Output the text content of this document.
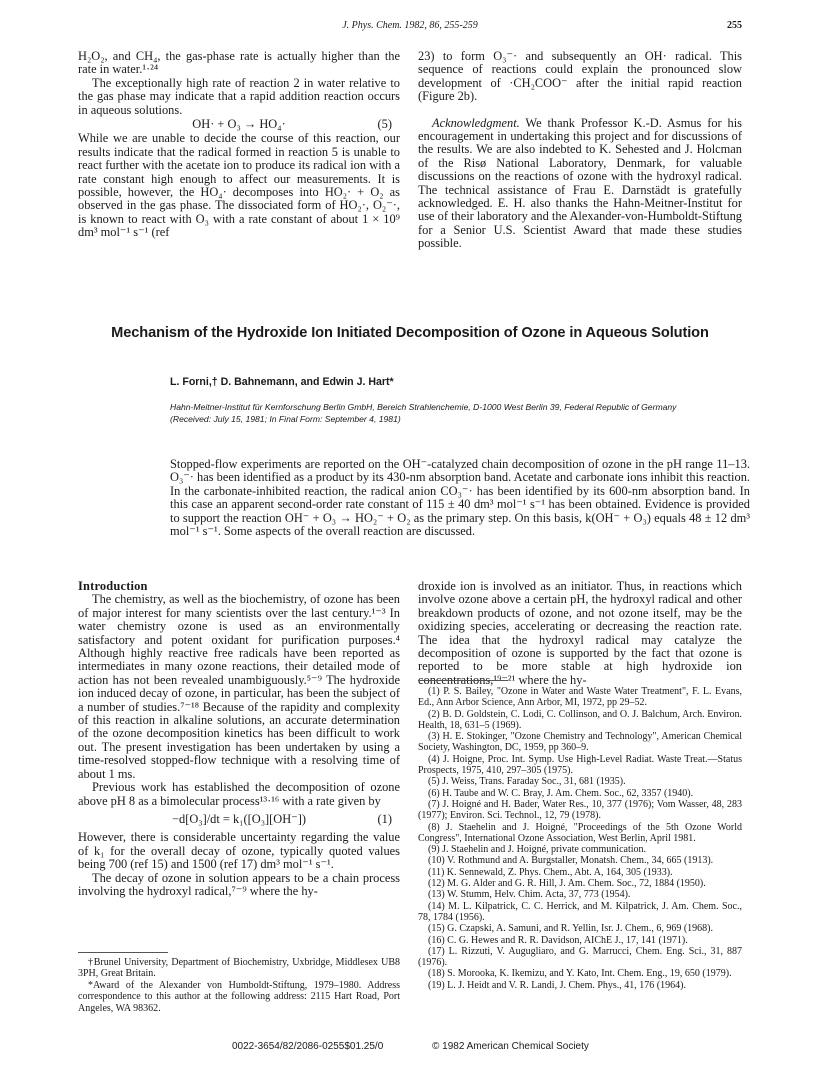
J. Phys. Chem. 1982, 86, 255-259	255

H₂O₂, and CH₄, the gas-phase rate is actually higher than the rate in water.¹·²⁴

The exceptionally high rate of reaction 2 in water relative to the gas phase may indicate that a rapid addition reaction occurs in aqueous solutions.

OH· + O₃ → HO₄·	(5)

While we are unable to decide the course of this reaction, our results indicate that the radical formed in reaction 5 is unable to react further with the acetate ion to produce its radical ion with a rate constant high enough to affect our measurements. It is possible, however, the HO₄· decomposes into HO₂· + O₂ as observed in the gas phase. The dissociated form of HO₂·, O₂⁻·, is known to react with O₃ with a rate constant of about 1 × 10⁹ dm³ mol⁻¹ s⁻¹ (ref

23) to form O₃⁻· and subsequently an OH· radical. This sequence of reactions could explain the pronounced slow development of ·CH₂COO⁻ after the initial rapid reaction (Figure 2b).

Acknowledgment. We thank Professor K.-D. Asmus for his encouragement in undertaking this project and for discussions of the results. We are also indebted to K. Sehested and J. Holcman of the Risø National Laboratory, Denmark, for valuable discussions on the reactions of ozone with the hydroxyl radical. The technical assistance of Frau E. Darnstädt is gratefully acknowledged. E. H. also thanks the Hahn-Meitner-Institut for use of their laboratory and the Alexander-von-Humboldt-Stiftung for a Senior U.S. Scientist Award that made these studies possible.

Mechanism of the Hydroxide Ion Initiated Decomposition of Ozone in Aqueous Solution
L. Forni,† D. Bahnemann, and Edwin J. Hart*
Hahn-Meitner-Institut für Kernforschung Berlin GmbH, Bereich Strahlenchemie, D-1000 West Berlin 39, Federal Republic of Germany
(Received: July 15, 1981; In Final Form: September 4, 1981)
Stopped-flow experiments are reported on the OH⁻-catalyzed chain decomposition of ozone in the pH range 11–13. O₃⁻· has been identified as a product by its 430-nm absorption band. Acetate and carbonate ions inhibit this reaction. In the carbonate-inhibited reaction, the radical anion CO₃⁻· has been identified by its 600-nm absorption band. In this case an apparent second-order rate constant of 115 ± 40 dm³ mol⁻¹ s⁻¹ has been obtained. Evidence is provided to support the reaction OH⁻ + O₃ → HO₂⁻ + O₂ as the primary step. On this basis, k(OH⁻ + O₃) equals 48 ± 12 dm³ mol⁻¹ s⁻¹. Some aspects of the overall reaction are discussed.

Introduction

The chemistry, as well as the biochemistry, of ozone has been of major interest for many scientists over the last century.¹⁻³ In water chemistry ozone is used as an environmentally satisfactory and potent oxidant for purification purposes.⁴ Although highly reactive free radicals have been reported as intermediates in many ozone reactions, their detailed mode of action has not been revealed unambiguously.⁵⁻⁹ The hydroxide ion induced decay of ozone, in particular, has been the subject of a number of studies.⁷⁻¹⁸ Because of the rapidity and complexity of this reaction in alkaline solutions, an accurate determination of the ozone decomposition kinetics has been difficult to work out. The present investigation has been undertaken by using a time-resolved stopped-flow technique with a resolving time of about 1 ms.

Previous work has established the decomposition of ozone above pH 8 as a bimolecular process¹³·¹⁶ with a rate given by

−d[O₃]/dt = k₁([O₃][OH⁻])	(1)

However, there is considerable uncertainty regarding the value of k₁ for the overall decay of ozone, typically quoted values being 700 (ref 15) and 1500 (ref 17) dm³ mol⁻¹ s⁻¹.

The decay of ozone in solution appears to be a chain process involving the hydroxyl radical,⁷⁻⁹ where the hy-

†Brunel University, Department of Biochemistry, Uxbridge, Middlesex UB8 3PH, Great Britain.

*Award of the Alexander von Humboldt-Stiftung, 1979–1980. Address correspondence to this author at the following address: 2115 Hart Road, Port Angeles, WA 98362.

droxide ion is involved as an initiator. Thus, in reactions which involve ozone above a certain pH, the hydroxyl radical and other breakdown products of ozone, and not ozone itself, may be the oxidizing species, accelerating or decreasing the reaction rate. The idea that the hydroxyl radical may catalyze the decomposition of ozone is supported by the fact that ozone is reported to be more stable at high hydroxide ion concentrations,¹⁹⁻²¹ where the hy-

(1) P. S. Bailey, "Ozone in Water and Waste Water Treatment", F. L. Evans, Ed., Ann Arbor Science, Ann Arbor, MI, 1972, pp 29–52.

(2) B. D. Goldstein, C. Lodi, C. Collinson, and O. J. Balchum, Arch. Environ. Health, 18, 631–5 (1969).

(3) H. E. Stokinger, "Ozone Chemistry and Technology", American Chemical Society, Washington, DC, 1959, pp 360–9.

(4) J. Hoigne, Proc. Int. Symp. Use High-Level Radiat. Waste Treat.—Status Prospects, 1975, 410, 297–305 (1975).

(5) J. Weiss, Trans. Faraday Soc., 31, 681 (1935).

(6) H. Taube and W. C. Bray, J. Am. Chem. Soc., 62, 3357 (1940).

(7) J. Hoigné and H. Bader, Water Res., 10, 377 (1976); Vom Wasser, 48, 283 (1977); Environ. Sci. Technol., 12, 79 (1978).

(8) J. Staehelin and J. Hoigné, "Proceedings of the 5th Ozone World Congress", International Ozone Association, West Berlin, April 1981.

(9) J. Staehelin and J. Hoigné, private communication.

(10) V. Rothmund and A. Burgstaller, Monatsh. Chem., 34, 665 (1913).

(11) K. Sennewald, Z. Phys. Chem., Abt. A, 164, 305 (1933).

(12) M. G. Alder and G. R. Hill, J. Am. Chem. Soc., 72, 1884 (1950).

(13) W. Stumm, Helv. Chim. Acta, 37, 773 (1954).

(14) M. L. Kilpatrick, C. C. Herrick, and M. Kilpatrick, J. Am. Chem. Soc., 78, 1784 (1956).

(15) G. Czapski, A. Samuni, and R. Yellin, Isr. J. Chem., 6, 969 (1968).

(16) C. G. Hewes and R. R. Davidson, AIChE J., 17, 141 (1971).

(17) L. Rizzuti, V. Augugliaro, and G. Marrucci, Chem. Eng. Sci., 31, 887 (1976).

(18) S. Morooka, K. Ikemizu, and Y. Kato, Int. Chem. Eng., 19, 650 (1979).

(19) L. J. Heidt and V. R. Landi, J. Chem. Phys., 41, 176 (1964).

0022-3654/82/2086-0255$01.25/0	© 1982 American Chemical Society
